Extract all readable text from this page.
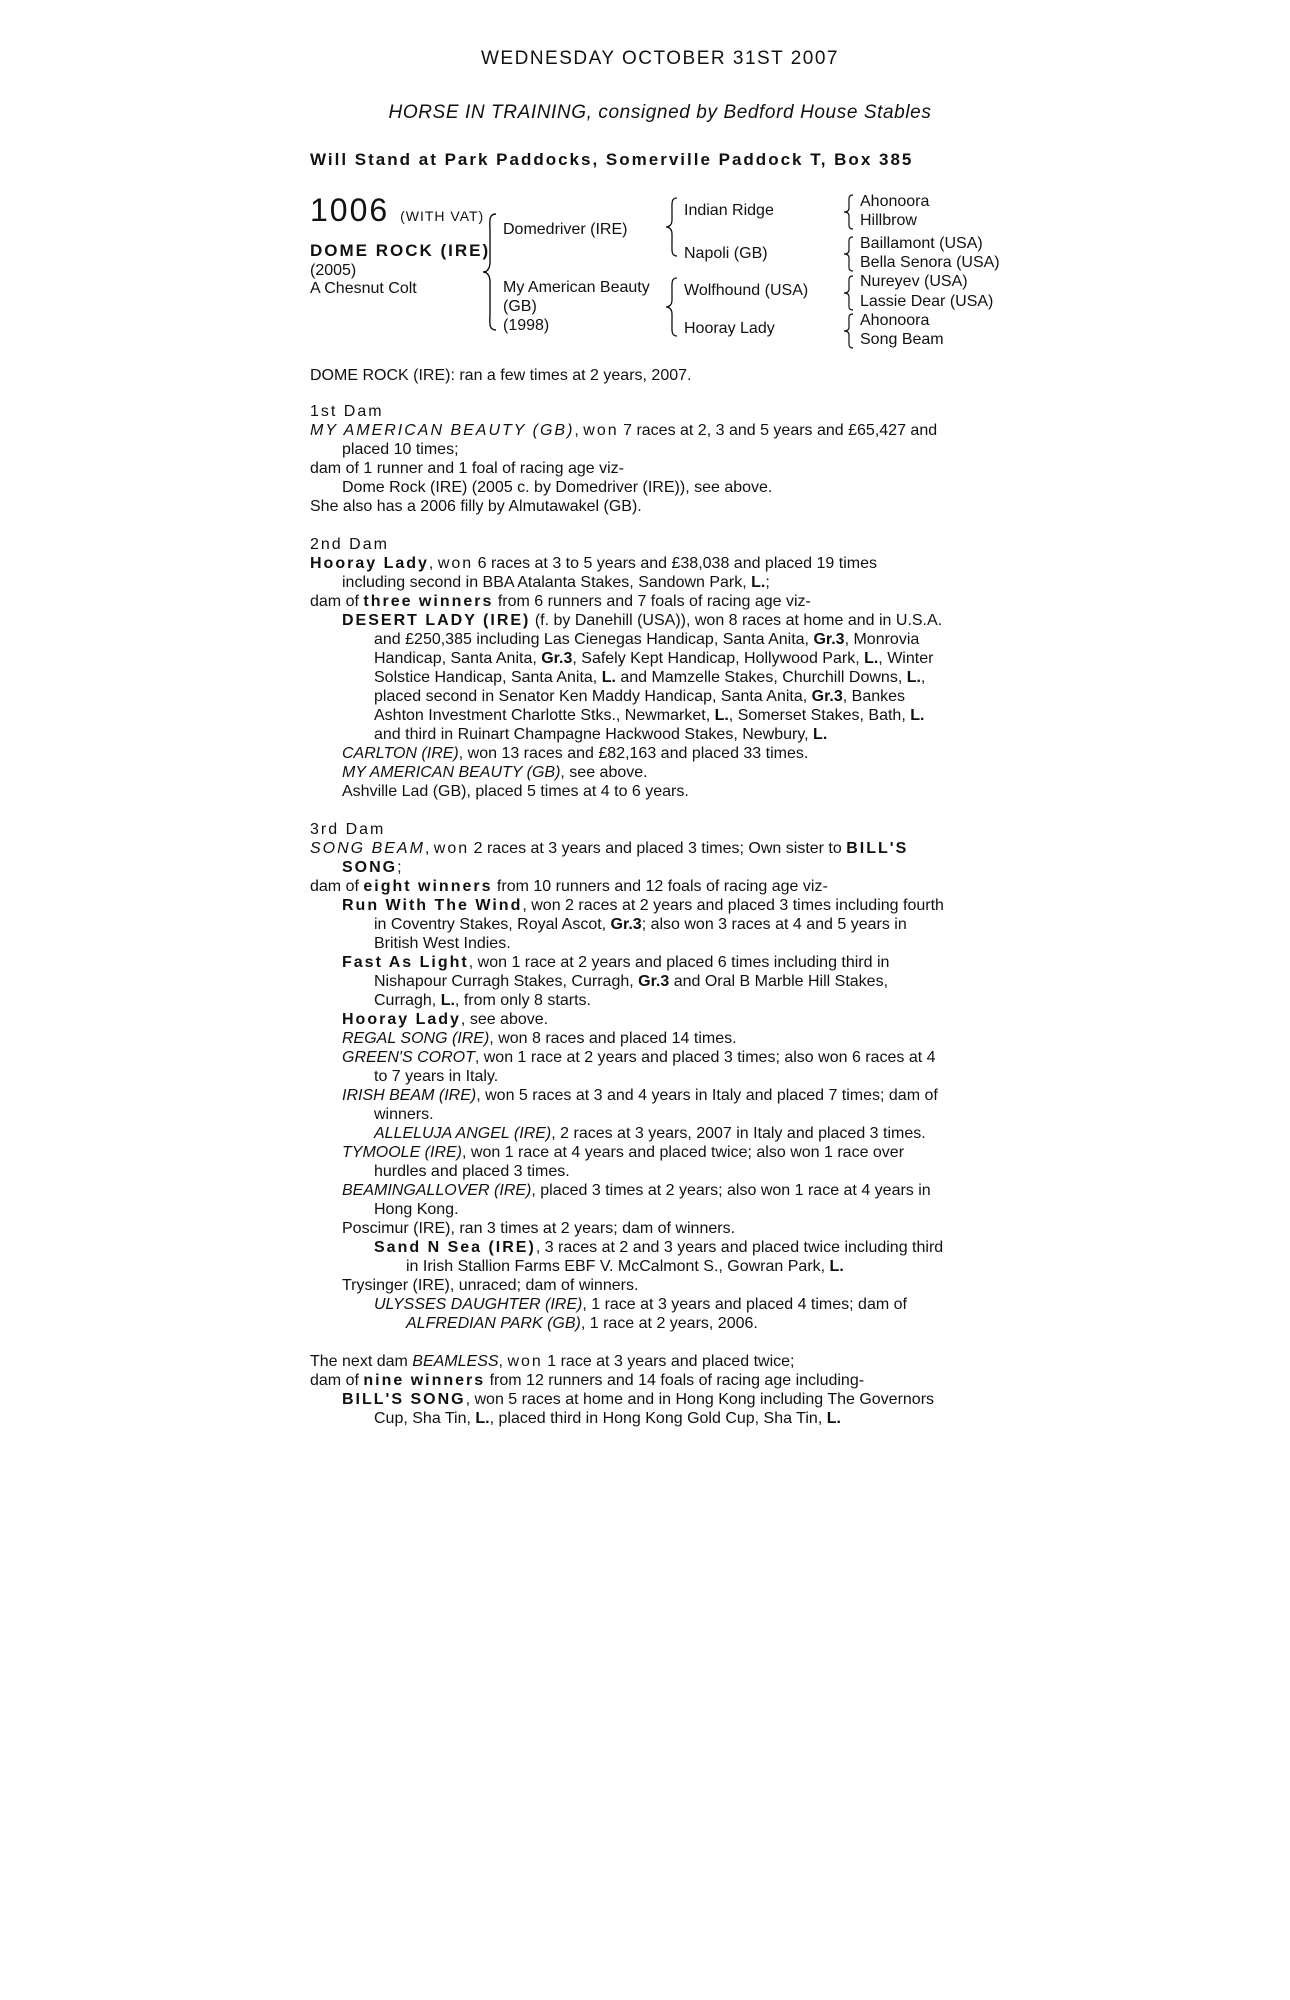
WEDNESDAY OCTOBER 31ST 2007
HORSE IN TRAINING, consigned by Bedford House Stables
Will Stand at Park Paddocks, Somerville Paddock T, Box 385
1006 (WITH VAT)
DOME ROCK (IRE)
(2005)
A Chesnut Colt
Domedriver (IRE)
My American Beauty
(GB)
(1998)
Indian Ridge
Napoli (GB)
Wolfhound (USA)
Hooray Lady
Ahonoora
Hillbrow
Baillamont (USA)
Bella Senora (USA)
Nureyev (USA)
Lassie Dear (USA)
Ahonoora
Song Beam

DOME ROCK (IRE): ran a few times at 2 years, 2007.

1st Dam

MY AMERICAN BEAUTY (GB), won 7 races at 2, 3 and 5 years and £65,427 and
placed 10 times;

dam of 1 runner and 1 foal of racing age viz-

Dome Rock (IRE) (2005 c. by Domedriver (IRE)), see above.

She also has a 2006 filly by Almutawakel (GB).

2nd Dam

Hooray Lady, won 6 races at 3 to 5 years and £38,038 and placed 19 times
including second in BBA Atalanta Stakes, Sandown Park, L.;

dam of three winners from 6 runners and 7 foals of racing age viz-

DESERT LADY (IRE) (f. by Danehill (USA)), won 8 races at home and in U.S.A.
and £250,385 including Las Cienegas Handicap, Santa Anita, Gr.3, Monrovia
Handicap, Santa Anita, Gr.3, Safely Kept Handicap, Hollywood Park, L., Winter
Solstice Handicap, Santa Anita, L. and Mamzelle Stakes, Churchill Downs, L.,
placed second in Senator Ken Maddy Handicap, Santa Anita, Gr.3, Bankes
Ashton Investment Charlotte Stks., Newmarket, L., Somerset Stakes, Bath, L.
and third in Ruinart Champagne Hackwood Stakes, Newbury, L.

CARLTON (IRE), won 13 races and £82,163 and placed 33 times.

MY AMERICAN BEAUTY (GB), see above.

Ashville Lad (GB), placed 5 times at 4 to 6 years.

3rd Dam

SONG BEAM, won 2 races at 3 years and placed 3 times; Own sister to BILL'S
SONG;

dam of eight winners from 10 runners and 12 foals of racing age viz-

Run With The Wind, won 2 races at 2 years and placed 3 times including fourth
in Coventry Stakes, Royal Ascot, Gr.3; also won 3 races at 4 and 5 years in
British West Indies.

Fast As Light, won 1 race at 2 years and placed 6 times including third in
Nishapour Curragh Stakes, Curragh, Gr.3 and Oral B Marble Hill Stakes,
Curragh, L., from only 8 starts.

Hooray Lady, see above.

REGAL SONG (IRE), won 8 races and placed 14 times.

GREEN'S COROT, won 1 race at 2 years and placed 3 times; also won 6 races at 4
to 7 years in Italy.

IRISH BEAM (IRE), won 5 races at 3 and 4 years in Italy and placed 7 times; dam of
winners.

ALLELUJA ANGEL (IRE), 2 races at 3 years, 2007 in Italy and placed 3 times.

TYMOOLE (IRE), won 1 race at 4 years and placed twice; also won 1 race over
hurdles and placed 3 times.

BEAMINGALLOVER (IRE), placed 3 times at 2 years; also won 1 race at 4 years in
Hong Kong.

Poscimur (IRE), ran 3 times at 2 years; dam of winners.

Sand N Sea (IRE), 3 races at 2 and 3 years and placed twice including third
in Irish Stallion Farms EBF V. McCalmont S., Gowran Park, L.

Trysinger (IRE), unraced; dam of winners.

ULYSSES DAUGHTER (IRE), 1 race at 3 years and placed 4 times; dam of
ALFREDIAN PARK (GB), 1 race at 2 years, 2006.

The next dam BEAMLESS, won 1 race at 3 years and placed twice;

dam of nine winners from 12 runners and 14 foals of racing age including-

BILL'S SONG, won 5 races at home and in Hong Kong including The Governors
Cup, Sha Tin, L., placed third in Hong Kong Gold Cup, Sha Tin, L.
